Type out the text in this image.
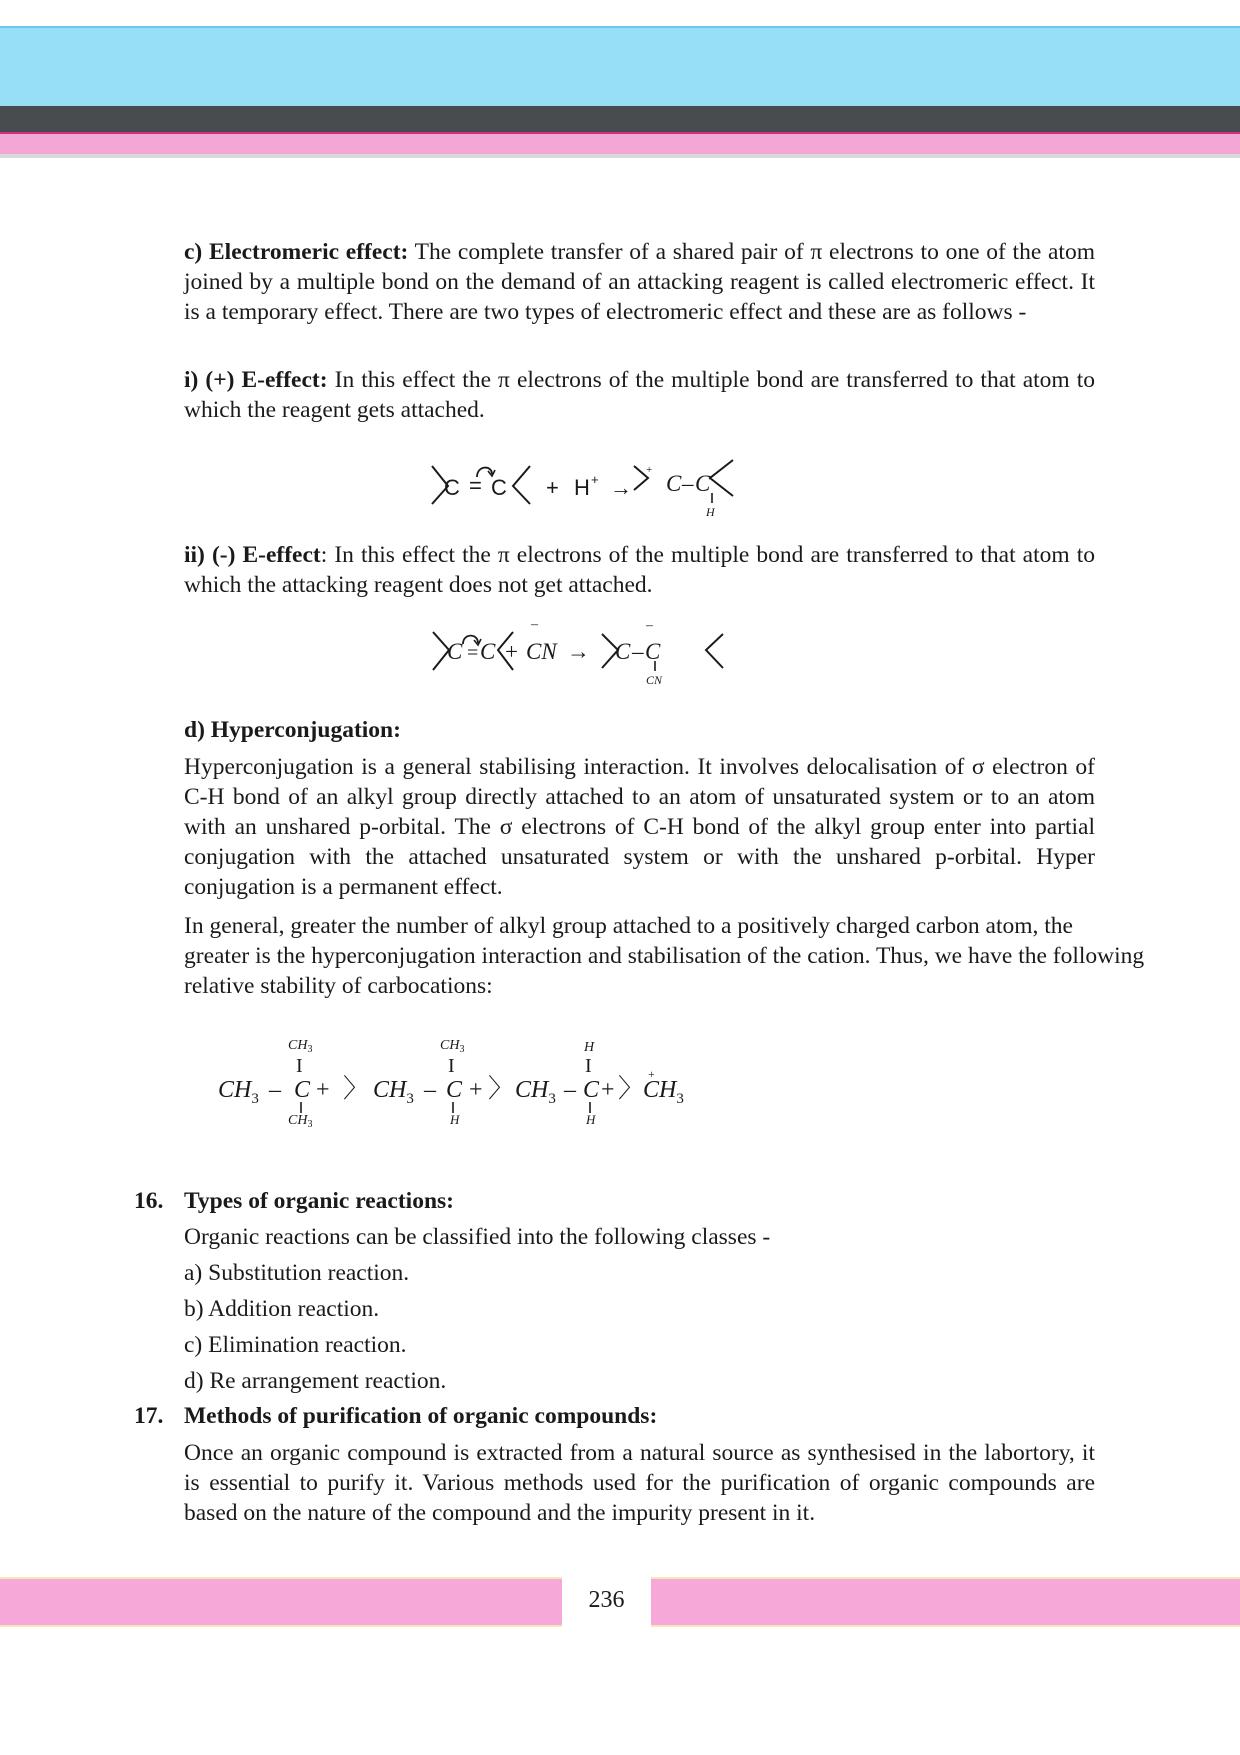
c) Electromeric effect: The complete transfer of a shared pair of π electrons to one of the atom joined by a multiple bond on the demand of an attacking reagent is called electromeric effect. It is a temporary effect. There are two types of electromeric effect and these are as follows -

i) (+) E-effect: In this effect the π electrons of the multiple bond are transferred to that atom to which the reagent gets attached.

C = C + H + →
+
C – C
H

ii) (-) E-effect: In this effect the π electrons of the multiple bond are transferred to that atom to which the attacking reagent does not get attached.

C = C +
–
CN → C –
–
C
CN
d) Hyperconjugation:

Hyperconjugation is a general stabilising interaction. It involves delocalisation of σ electron of C-H bond of an alkyl group directly attached to an atom of unsaturated system or to an atom with an unshared p-orbital. The σ electrons of C-H bond of the alkyl group enter into partial conjugation with the attached unsaturated system or with the unshared p-orbital. Hyper conjugation is a permanent effect.

In general, greater the number of alkyl group attached to a positively charged carbon atom, the
greater is the hyperconjugation interaction and stabilisation of the cation. Thus, we have the following
relative stability of carbocations:
$CH_3$ –
$CH_3$
I
C +
$CH_3$
〉 $CH_3$ –
$CH_3$
I
C +
H
〉 $CH_3$ –
H
I
C +
H
〉 +
$CH_3$
16. Types of organic reactions:
Organic reactions can be classified into the following classes -
a) Substitution reaction.
b) Addition reaction.
c) Elimination reaction.
d) Re arrangement reaction.
17. Methods of purification of organic compounds:

Once an organic compound is extracted from a natural source as synthesised in the labortory, it is essential to purify it. Various methods used for the purification of organic compounds are based on the nature of the compound and the impurity present in it.

236
